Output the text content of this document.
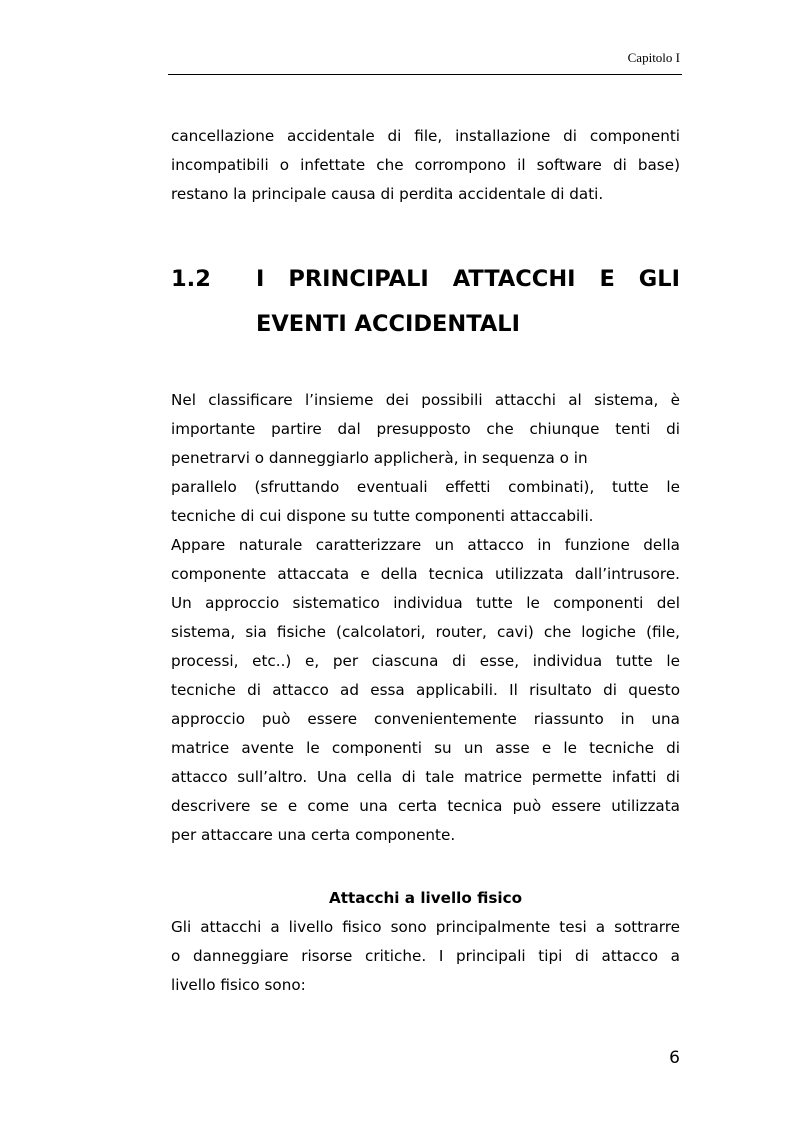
Capitolo I
cancellazione accidentale di file, installazione di componenti
incompatibili o infettate che corrompono il software di base)
restano la principale causa di perdita accidentale di dati.
1.2 I PRINCIPALI ATTACCHI E GLI
EVENTI ACCIDENTALI
Nel classificare l’insieme dei possibili attacchi al sistema, è
importante partire dal presupposto che chiunque tenti di
penetrarvi o danneggiarlo applicherà, in sequenza o in
parallelo (sfruttando eventuali effetti combinati), tutte le
tecniche di cui dispone su tutte componenti attaccabili.
Appare naturale caratterizzare un attacco in funzione della
componente attaccata e della tecnica utilizzata dall’intrusore.
Un approccio sistematico individua tutte le componenti del
sistema, sia fisiche (calcolatori, router, cavi) che logiche (file,
processi, etc..) e, per ciascuna di esse, individua tutte le
tecniche di attacco ad essa applicabili. Il risultato di questo
approccio può essere convenientemente riassunto in una
matrice avente le componenti su un asse e le tecniche di
attacco sull’altro. Una cella di tale matrice permette infatti di
descrivere se e come una certa tecnica può essere utilizzata
per attaccare una certa componente.
Attacchi a livello fisico
Gli attacchi a livello fisico sono principalmente tesi a sottrarre
o danneggiare risorse critiche. I principali tipi di attacco a
livello fisico sono:
6
